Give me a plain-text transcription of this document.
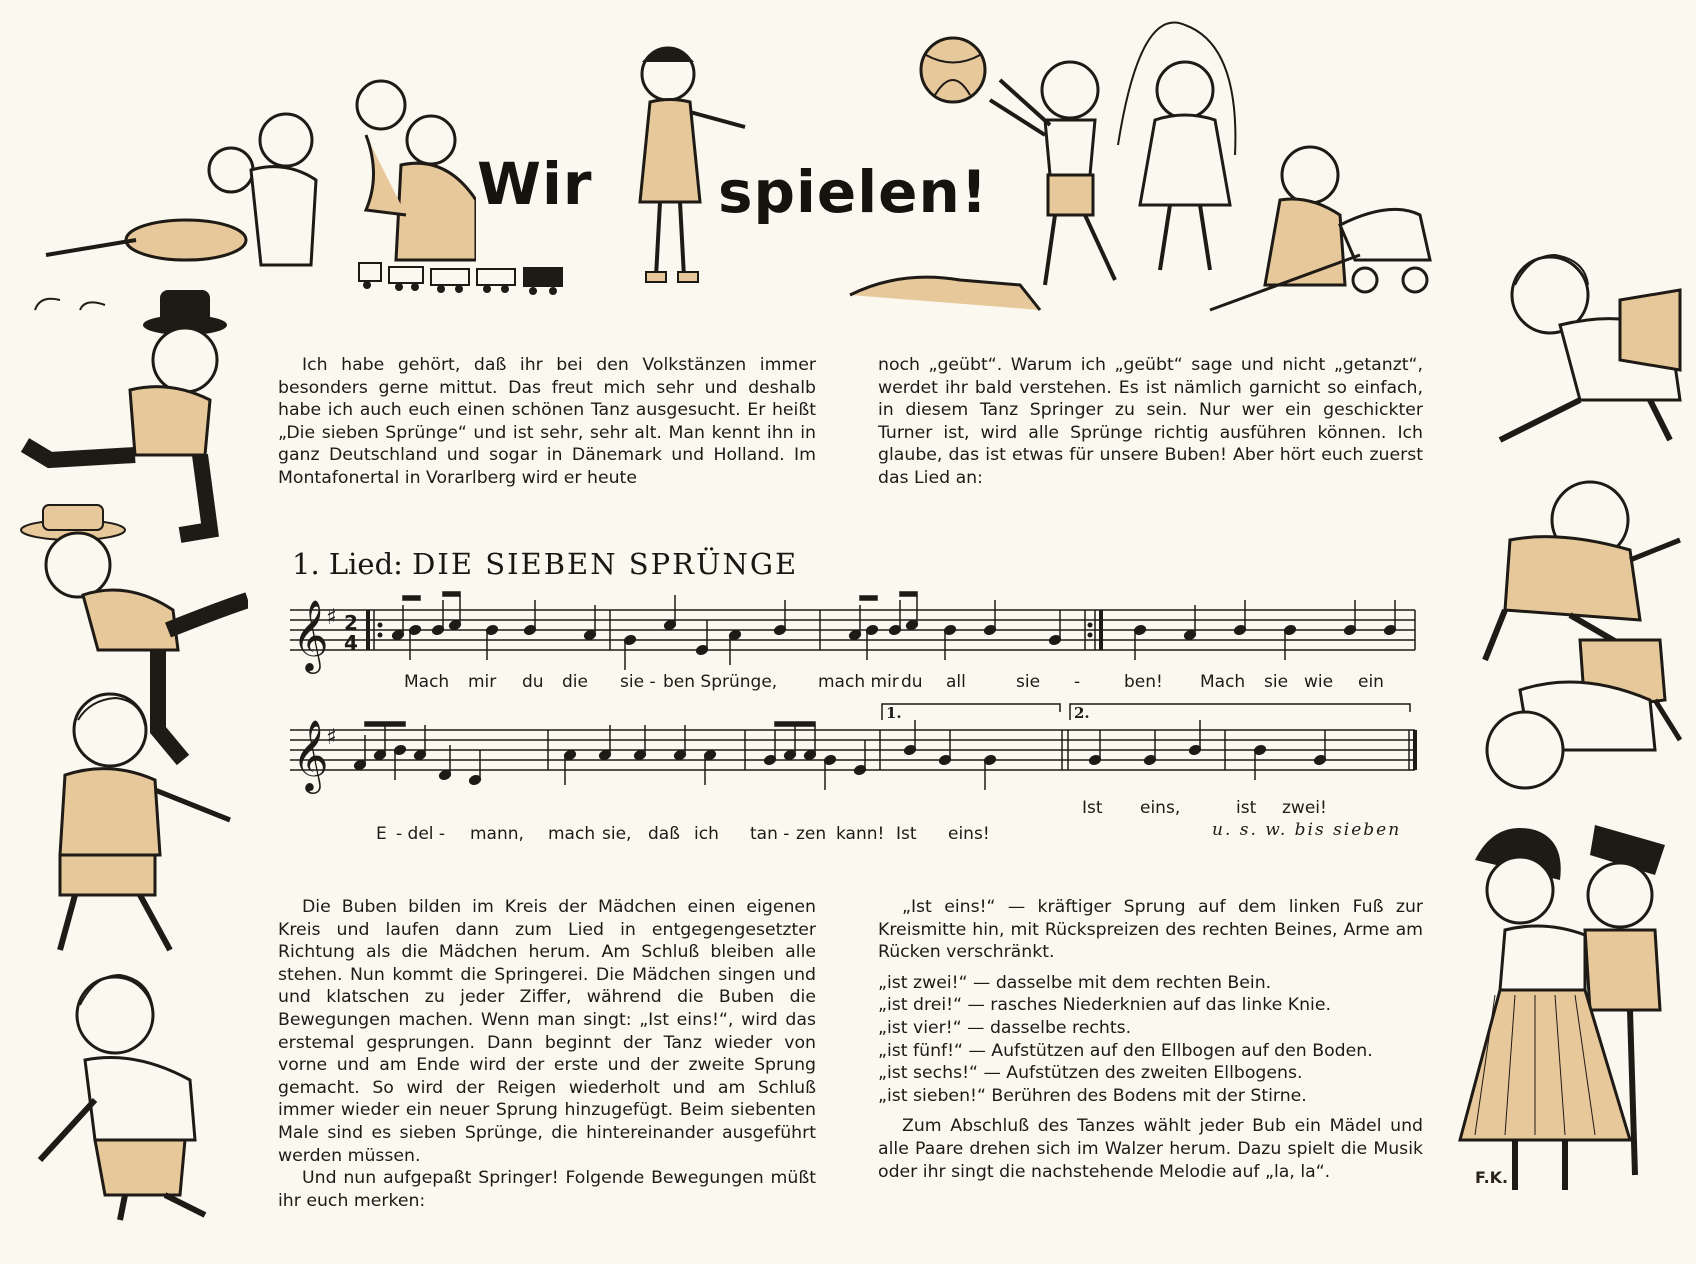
Wir spielen!

Ich habe gehört, daß ihr bei den Volkstänzen immer besonders gerne mittut. Das freut mich sehr und deshalb habe ich auch euch einen schönen Tanz ausgesucht. Er heißt „Die sieben Sprünge“ und ist sehr, sehr alt. Man kennt ihn in ganz Deutschland und sogar in Dänemark und Holland. Im Montafonertal in Vorarlberg wird er heute

noch „geübt“. Warum ich „geübt“ sage und nicht „getanzt“, werdet ihr bald verstehen. Es ist nämlich garnicht so einfach, in diesem Tanz Springer zu sein. Nur wer ein geschickter Turner ist, wird alle Sprünge richtig ausführen können. Ich glaube, das ist etwas für unsere Buben! Aber hört euch zuerst das Lied an:

1. Lied: DIE SIEBEN SPRÜNGE
𝄞
♯ 2
4
Mach mir du die sie - ben Sprünge, mach mir du all	sie -	ben! Mach sie wie ein
𝄞
♯
1.	2.
Ist eins,	ist zwei!
E - del - mann, mach sie, daß ich tan - zen kann! Ist eins!	u. s. w. bis sieben

Die Buben bilden im Kreis der Mädchen einen eigenen Kreis und laufen dann zum Lied in entgegengesetzter Richtung als die Mädchen herum. Am Schluß bleiben alle stehen. Nun kommt die Springerei. Die Mädchen singen und und klatschen zu jeder Ziffer, während die Buben die Bewegungen machen. Wenn man singt: „Ist eins!“, wird das erstemal gesprungen. Dann beginnt der Tanz wieder von vorne und am Ende wird der erste und der zweite Sprung gemacht. So wird der Reigen wiederholt und am Schluß immer wieder ein neuer Sprung hinzugefügt. Beim siebenten Male sind es sieben Sprünge, die hintereinander ausgeführt werden müssen.

Und nun aufgepaßt Springer! Folgende Bewegungen müßt ihr euch merken:

„Ist eins!“ — kräftiger Sprung auf dem linken Fuß zur Kreismitte hin, mit Rückspreizen des rechten Beines, Arme am Rücken verschränkt.

„ist zwei!“ — dasselbe mit dem rechten Bein.
„ist drei!“ — rasches Niederknien auf das linke Knie.
„ist vier!“ — dasselbe rechts.
„ist fünf!“ — Aufstützen auf den Ellbogen auf den Boden.
„ist sechs!“ — Aufstützen des zweiten Ellbogens.
„ist sieben!“ Berühren des Bodens mit der Stirne.

Zum Abschluß des Tanzes wählt jeder Bub ein Mädel und alle Paare drehen sich im Walzer herum. Dazu spielt die Musik oder ihr singt die nachstehende Melodie auf „la, la“.	F.K.
